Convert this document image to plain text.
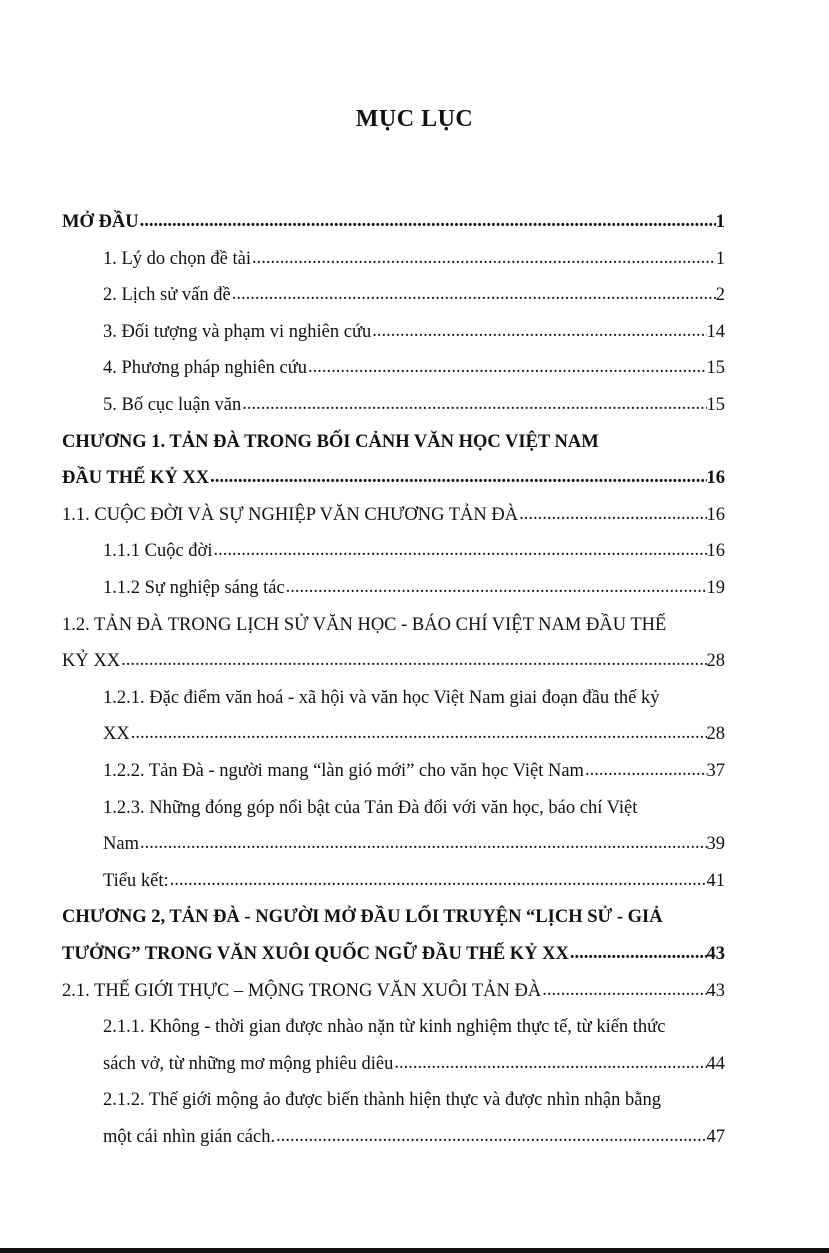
MỤC LỤC
MỞ ĐẦU .....	1
1. Lý do chọn đề tài .....	1
2. Lịch sử vấn đề .....	2
3. Đối tượng và phạm vi nghiên cứu .....	14
4. Phương pháp nghiên cứu .....	15
5. Bố cục luận văn .....	15
CHƯƠNG 1. TẢN ĐÀ TRONG BỐI CẢNH VĂN HỌC VIỆT NAM
ĐẦU THẾ KỶ XX .....	16
1.1. CUỘC ĐỜI VÀ SỰ NGHIỆP VĂN CHƯƠNG TẢN ĐÀ .....	16
1.1.1 Cuộc đời .....	16
1.1.2 Sự nghiệp sáng tác .....	19
1.2. TẢN ĐÀ TRONG LỊCH SỬ VĂN HỌC - BÁO CHÍ VIỆT NAM ĐẦU THẾ
KỶ XX .....	28
1.2.1. Đặc điểm văn hoá - xã hội và văn học Việt Nam giai đoạn đầu thế kỷ
XX .....	28
1.2.2. Tản Đà - người mang “làn gió mới” cho văn học Việt Nam .....	37
1.2.3. Những đóng góp nổi bật của Tản Đà đối với văn học, báo chí Việt
Nam .....	39
Tiểu kết: .....	41
CHƯƠNG 2, TẢN ĐÀ - NGƯỜI MỞ ĐẦU LỐI TRUYỆN “LỊCH SỬ - GIẢ
TƯỞNG” TRONG VĂN XUÔI QUỐC NGỮ ĐẦU THẾ KỶ XX .....	43
2.1. THẾ GIỚI THỰC – MỘNG TRONG VĂN XUÔI TẢN ĐÀ .....	43
2.1.1. Không - thời gian được nhào nặn từ kinh nghiệm thực tế, từ kiến thức
sách vở, từ những mơ mộng phiêu diêu .....	44
2.1.2. Thế giới mộng ảo được biến thành hiện thực và được nhìn nhận bằng
một cái nhìn gián cách. .....	47
